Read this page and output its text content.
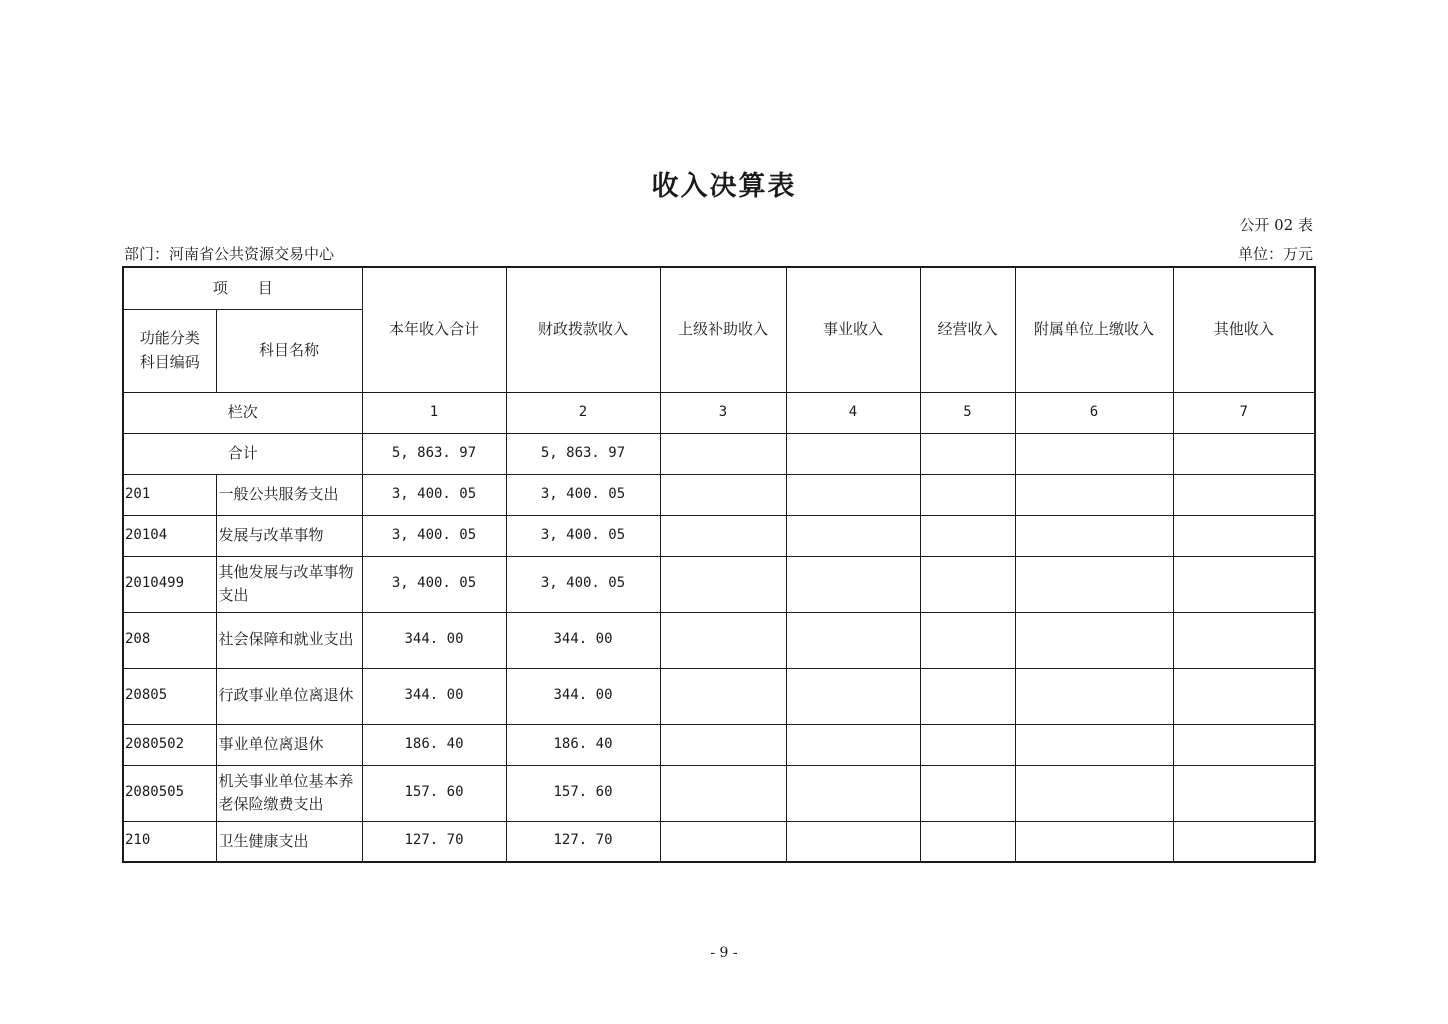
收入决算表
公开 02 表
部门：河南省公共资源交易中心	单位：万元
项　　目		本年收入合计	财政拨款收入	上级补助收入	事业收入	经营收入	附属单位上缴收入	其他收入
功能分类
科目编码	科目名称							
栏次		1	2	3	4	5	6	7
合计		5, 863. 97	5, 863. 97					
201	一般公共服务支出	3, 400. 05	3, 400. 05					
20104	发展与改革事物	3, 400. 05	3, 400. 05					
2010499	其他发展与改革事物支出	3, 400. 05	3, 400. 05					
208	社会保障和就业支出	344. 00	344. 00					
20805	行政事业单位离退休	344. 00	344. 00					
2080502	事业单位离退休	186. 40	186. 40					
2080505	机关事业单位基本养老保险缴费支出	157. 60	157. 60					
210	卫生健康支出	127. 70	127. 70					
- 9 -
